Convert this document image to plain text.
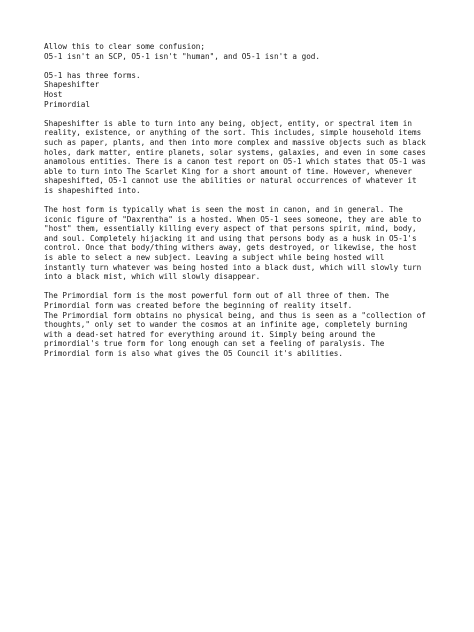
Allow this to clear some confusion;
O5-1 isn't an SCP, O5-1 isn't "human", and O5-1 isn't a god.
O5-1 has three forms.
Shapeshifter
Host
Primordial
Shapeshifter is able to turn into any being, object, entity, or spectral item in
reality, existence, or anything of the sort. This includes, simple household items
such as paper, plants, and then into more complex and massive objects such as black
holes, dark matter, entire planets, solar systems, galaxies, and even in some cases
anamolous entities. There is a canon test report on O5-1 which states that O5-1 was
able to turn into The Scarlet King for a short amount of time. However, whenever
shapeshifted, O5-1 cannot use the abilities or natural occurrences of whatever it
is shapeshifted into.
The host form is typically what is seen the most in canon, and in general. The
iconic figure of "Daxrentha" is a hosted. When O5-1 sees someone, they are able to
"host" them, essentially killing every aspect of that persons spirit, mind, body,
and soul. Completely hijacking it and using that persons body as a husk in O5-1's
control. Once that body/thing withers away, gets destroyed, or likewise, the host
is able to select a new subject. Leaving a subject while being hosted will
instantly turn whatever was being hosted into a black dust, which will slowly turn
into a black mist, which will slowly disappear.
The Primordial form is the most powerful form out of all three of them. The
Primordial form was created before the beginning of reality itself.
The Primordial form obtains no physical being, and thus is seen as a "collection of
thoughts," only set to wander the cosmos at an infinite age, completely burning
with a dead-set hatred for everything around it. Simply being around the
primordial's true form for long enough can set a feeling of paralysis. The
Primordial form is also what gives the O5 Council it's abilities.
